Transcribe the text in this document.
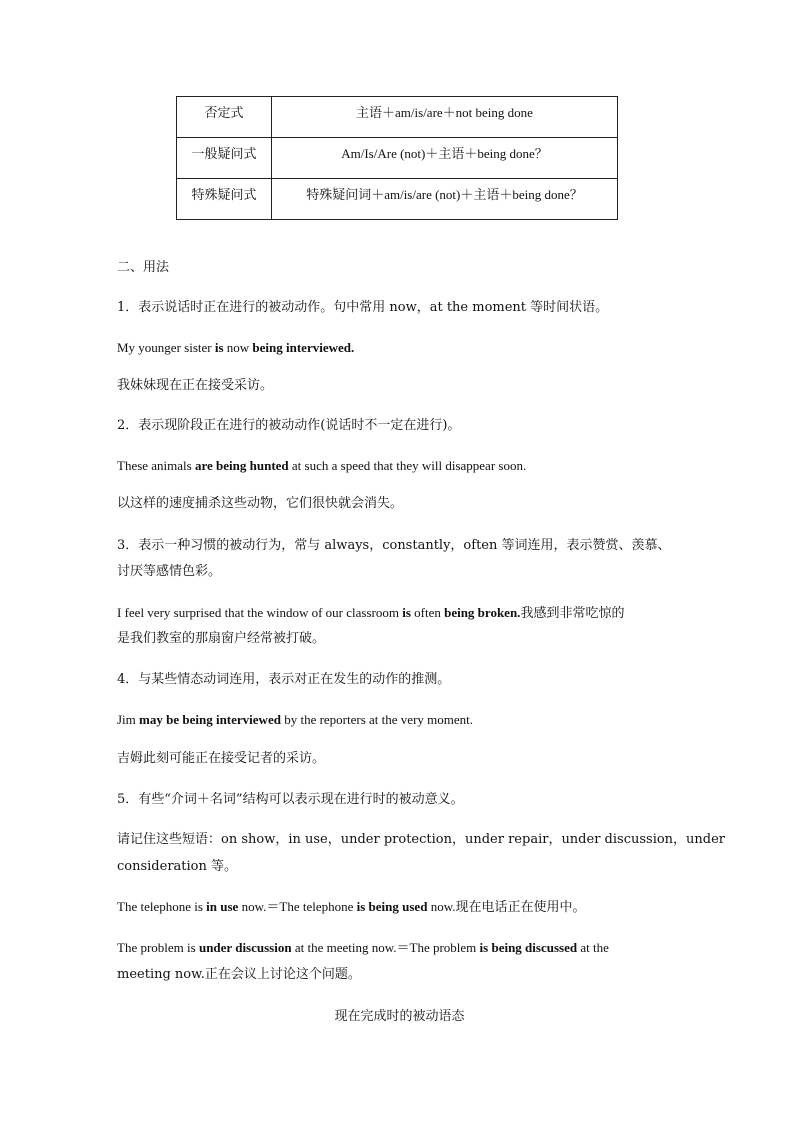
否定式	主语＋am/is/are＋not being done
一般疑问式	Am/Is/Are (not)＋主语＋being done？
特殊疑问式	特殊疑问词＋am/is/are (not)＋主语＋being done？
二、用法
1．表示说话时正在进行的被动动作。句中常用 now，at the moment 等时间状语。
My younger sister is now being interviewed.
我妹妹现在正在接受采访。
2．表示现阶段正在进行的被动动作(说话时不一定在进行)。
These animals are being hunted at such a speed that they will disappear soon.
以这样的速度捕杀这些动物，它们很快就会消失。
3．表示一种习惯的被动行为，常与 always，constantly，often 等词连用，表示赞赏、羡慕、
讨厌等感情色彩。
I feel very surprised that the window of our classroom is often being broken.我感到非常吃惊的
是我们教室的那扇窗户经常被打破。
4．与某些情态动词连用，表示对正在发生的动作的推测。
Jim may be being interviewed by the reporters at the very moment.
吉姆此刻可能正在接受记者的采访。
5．有些“介词＋名词”结构可以表示现在进行时的被动意义。
请记住这些短语：on show，in use，under protection，under repair，under discussion，under
consideration 等。
The telephone is in use now.＝The telephone is being used now.现在电话正在使用中。
The problem is under discussion at the meeting now.＝The problem is being discussed at the
meeting now.正在会议上讨论这个问题。
现在完成时的被动语态
